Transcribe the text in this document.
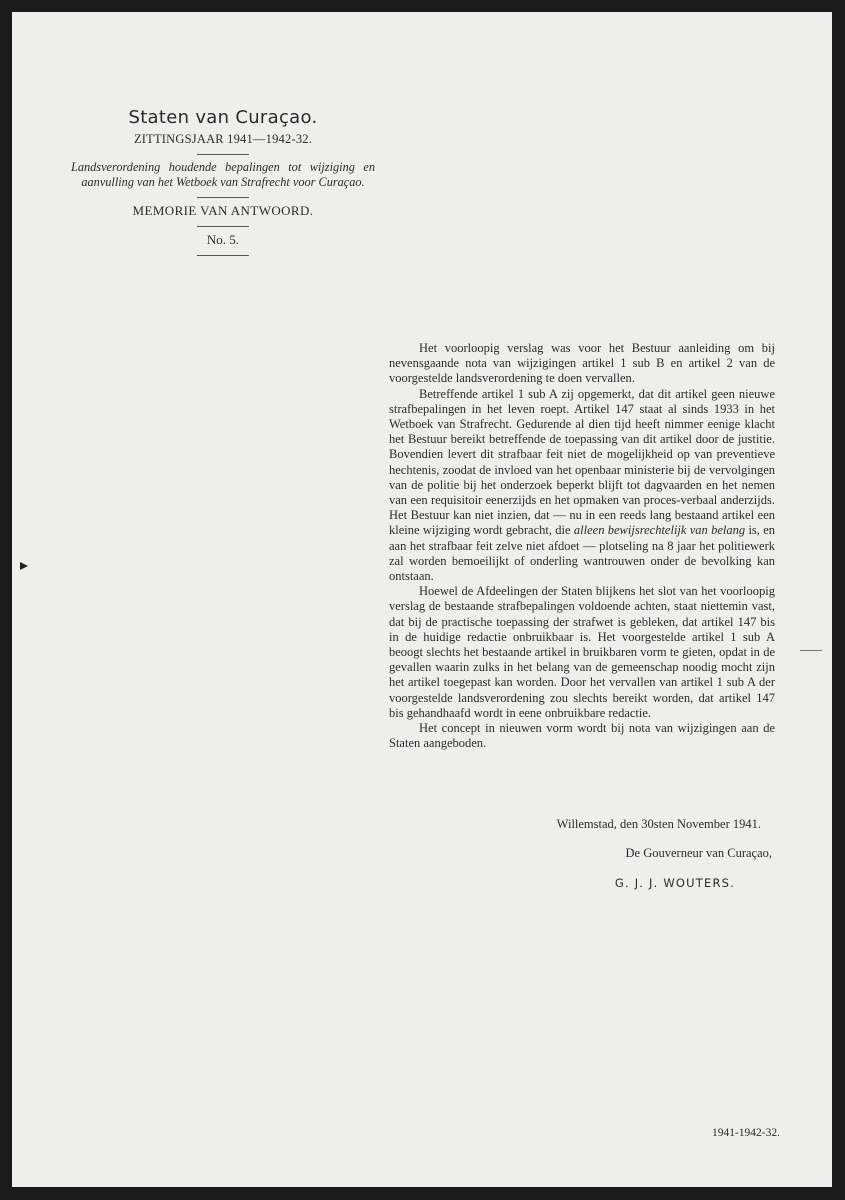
Staten van Curaçao.
ZITTINGSJAAR 1941—1942-32.
Landsverordening houdende bepalingen tot wijziging en aanvulling van het Wetboek van Strafrecht voor Curaçao.
MEMORIE VAN ANTWOORD.
No. 5.

Het voorloopig verslag was voor het Bestuur aanleiding om bij nevensgaande nota van wijzigingen artikel 1 sub B en artikel 2 van de voorgestelde landsverordening te doen vervallen.

Betreffende artikel 1 sub A zij opgemerkt, dat dit artikel geen nieuwe strafbepalingen in het leven roept. Artikel 147 staat al sinds 1933 in het Wetboek van Strafrecht. Gedurende al dien tijd heeft nimmer eenige klacht het Bestuur bereikt betreffende de toepassing van dit artikel door de justitie. Bovendien levert dit strafbaar feit niet de mogelijkheid op van preventieve hechtenis, zoodat de invloed van het openbaar ministerie bij de vervolgingen van de politie bij het onderzoek beperkt blijft tot dagvaarden en het nemen van een requisitoir eenerzijds en het opmaken van proces-verbaal anderzijds. Het Bestuur kan niet inzien, dat — nu in een reeds lang bestaand artikel een kleine wijziging wordt gebracht, die alleen bewijsrechtelijk van belang is, en aan het strafbaar feit zelve niet afdoet — plotseling na 8 jaar het politiewerk zal worden bemoeilijkt of onderling wantrouwen onder de bevolking kan ontstaan.

Hoewel de Afdeelingen der Staten blijkens het slot van het voorloopig verslag de bestaande strafbepalingen voldoende achten, staat niettemin vast, dat bij de practische toepassing der strafwet is gebleken, dat artikel 147 bis in de huidige redactie onbruikbaar is. Het voorgestelde artikel 1 sub A beoogt slechts het bestaande artikel in bruikbaren vorm te gieten, opdat in de gevallen waarin zulks in het belang van de gemeenschap noodig mocht zijn het artikel toegepast kan worden. Door het vervallen van artikel 1 sub A der voorgestelde landsverordening zou slechts bereikt worden, dat artikel 147 bis gehandhaafd wordt in eene onbruikbare redactie.

Het concept in nieuwen vorm wordt bij nota van wijzigingen aan de Staten aangeboden.

Willemstad, den 30sten November 1941.
De Gouverneur van Curaçao,
G. J. J. WOUTERS.
1941-1942-32.
